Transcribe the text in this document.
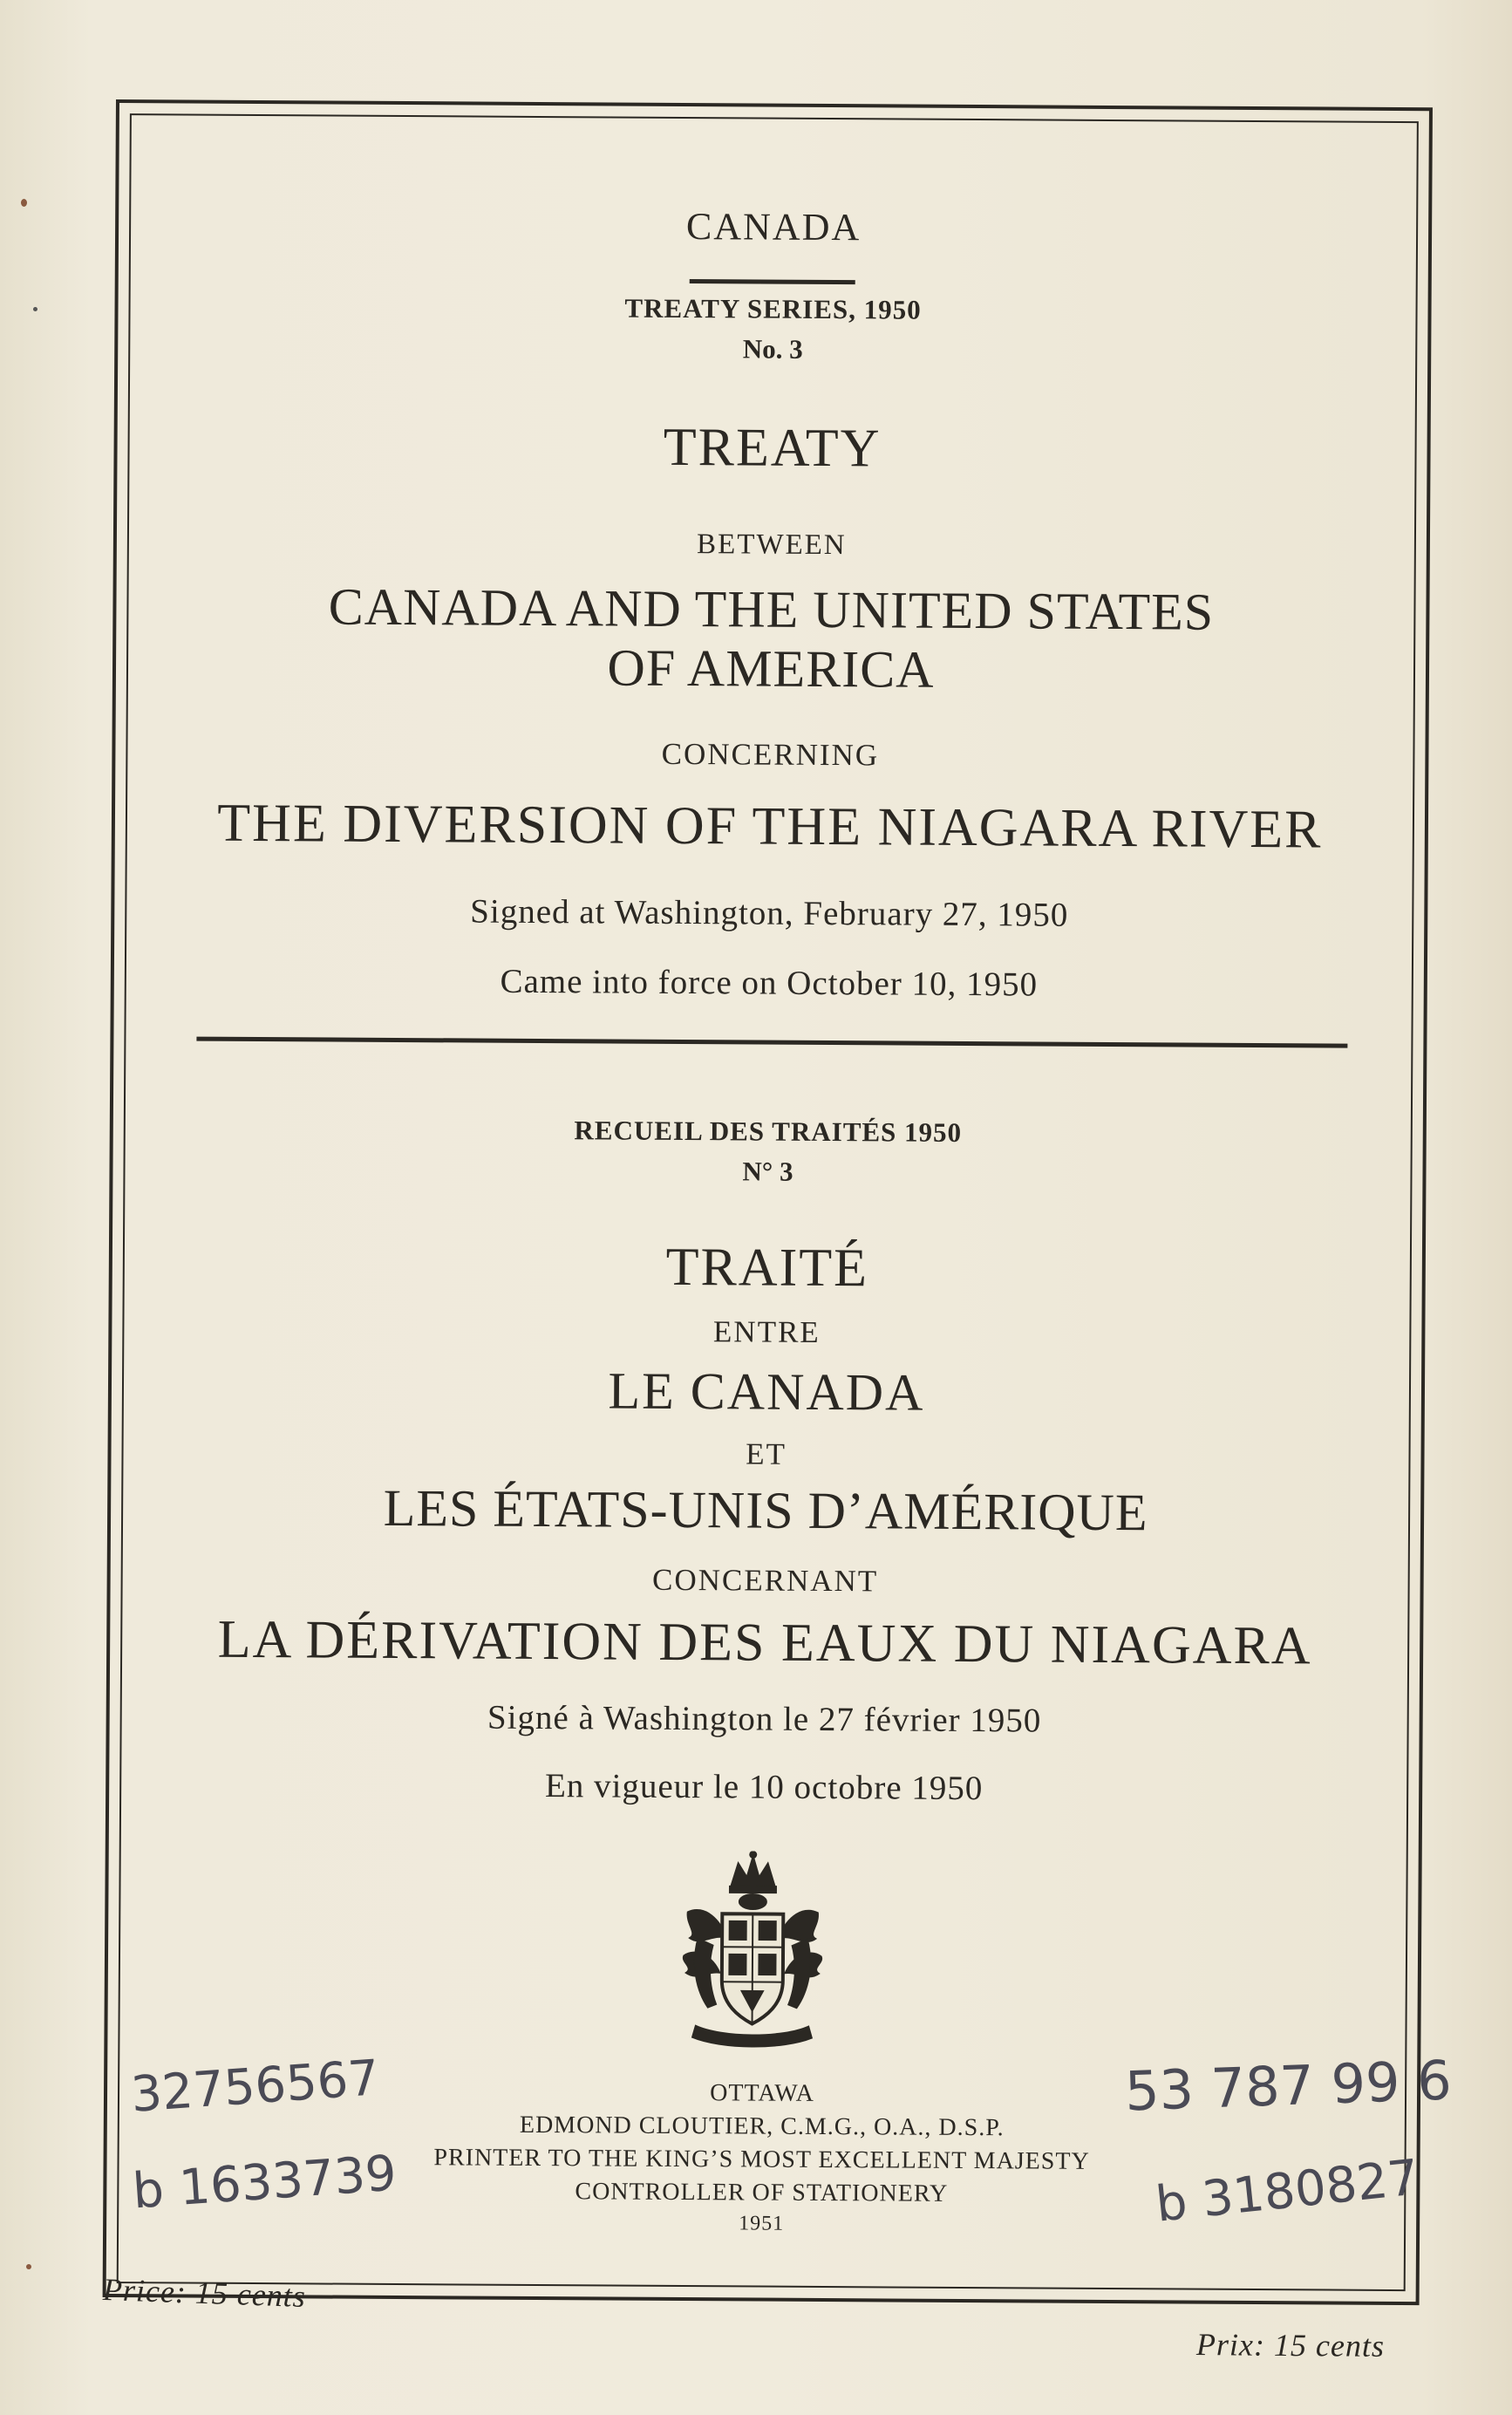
CANADA
TREATY SERIES, 1950
No. 3
TREATY
BETWEEN
CANADA AND THE UNITED STATES
OF AMERICA
CONCERNING
THE DIVERSION OF THE NIAGARA RIVER
Signed at Washington, February 27, 1950
Came into force on October 10, 1950
RECUEIL DES TRAITÉS 1950
N° 3
TRAITÉ
ENTRE
LE CANADA
ET
LES ÉTATS-UNIS D’AMÉRIQUE
CONCERNANT
LA DÉRIVATION DES EAUX DU NIAGARA
Signé à Washington le 27 février 1950
En vigueur le 10 octobre 1950
OTTAWA
EDMOND CLOUTIER, C.M.G., O.A., D.S.P.
PRINTER TO THE KING’S MOST EXCELLENT MAJESTY
CONTROLLER OF STATIONERY
1951
32756567
b 1633739
53 787 99 6
b 3180827
Price: 15 cents
Prix: 15 cents
